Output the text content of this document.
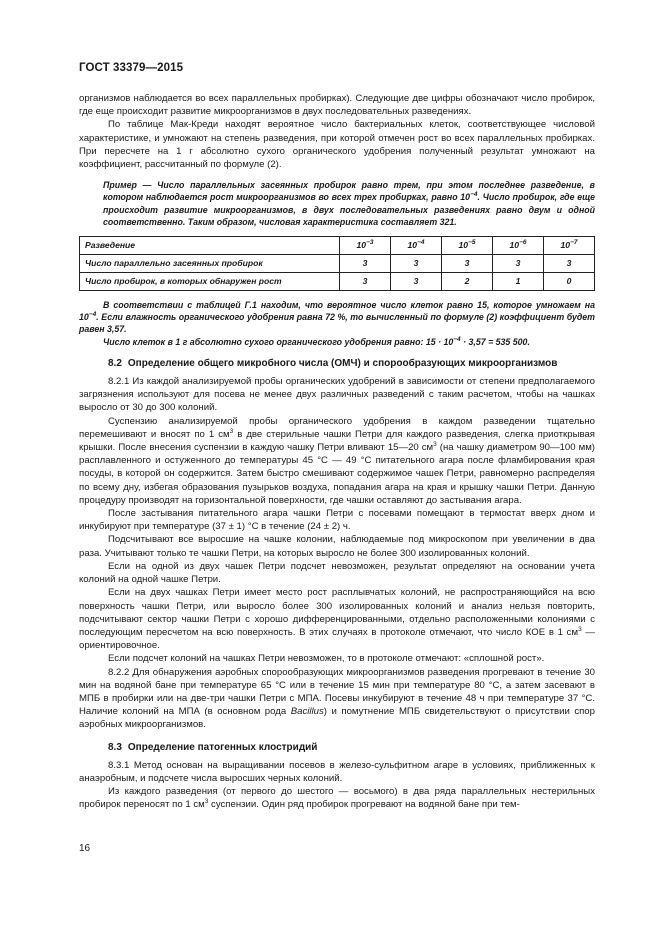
ГОСТ 33379—2015

организмов наблюдается во всех параллельных пробирках). Следующие две цифры обозначают число пробирок, где еще происходит развитие микроорганизмов в двух последовательных разведениях.

По таблице Мак-Креди находят вероятное число бактериальных клеток, соответствующее числовой характеристике, и умножают на степень разведения, при которой отмечен рост во всех параллельных пробирках. При пересчете на 1 г абсолютно сухого органического удобрения полученный результат умножают на коэффициент, рассчитанный по формуле (2).

Пример — Число параллельных засеянных пробирок равно трем, при этом последнее разведение, в котором наблюдается рост микроорганизмов во всех трех пробирках, равно $10^{-4}$. Число пробирок, где еще происходит развитие микроорганизмов, в двух последовательных разведениях равно двум и одной соответственно. Таким образом, числовая характеристика составляет 321.

Разведение	$10^{-3}$	$10^{-4}$	$10^{-5}$	$10^{-6}$	$10^{-7}$
Число параллельно засеянных пробирок	3	3	3	3	3
Число пробирок, в которых обнаружен рост	3	3	2	1	0

В соответствии с таблицей Г.1 находим, что вероятное число клеток равно 15, которое умножаем на $10^{-4}$. Если влажность органического удобрения равна 72 %, то вычисленный по формуле (2) коэффициент будет равен 3,57.

Число клеток в 1 г абсолютно сухого органического удобрения равно: $15 \cdot 10^{-4} \cdot 3,57 = 535$ 500.

8.2 Определение общего микробного числа (ОМЧ) и спорообразующих микроорганизмов

8.2.1 Из каждой анализируемой пробы органических удобрений в зависимости от степени предполагаемого загрязнения используют для посева не менее двух различных разведений с таким расчетом, чтобы на чашках выросло от 30 до 300 колоний.

Суспензию анализируемой пробы органического удобрения в каждом разведении тщательно перемешивают и вносят по 1 $см^3$ в две стерильные чашки Петри для каждого разведения, слегка приоткрывая крышки. После внесения суспензии в каждую чашку Петри вливают 15—20 $см^3$ (на чашку диаметром 90—100 мм) расплавленного и остуженного до температуры 45 °С — 49 °С питательного агара после фламбирования края посуды, в которой он содержится. Затем быстро смешивают содержимое чашек Петри, равномерно распределяя по всему дну, избегая образования пузырьков воздуха, попадания агара на края и крышку чашки Петри. Данную процедуру производят на горизонтальной поверхности, где чашки оставляют до застывания агара.

После застывания питательного агара чашки Петри с посевами помещают в термостат вверх дном и инкубируют при температуре (37 ± 1) °С в течение (24 ± 2) ч.

Подсчитывают все выросшие на чашке колонии, наблюдаемые под микроскопом при увеличении в два раза. Учитывают только те чашки Петри, на которых выросло не более 300 изолированных колоний.

Если на одной из двух чашек Петри подсчет невозможен, результат определяют на основании учета колоний на одной чашке Петри.

Если на двух чашках Петри имеет место рост расплывчатых колоний, не распространяющийся на всю поверхность чашки Петри, или выросло более 300 изолированных колоний и анализ нельзя повторить, подсчитывают сектор чашки Петри с хорошо дифференцированными, отдельно расположенными колониями с последующим пересчетом на всю поверхность. В этих случаях в протоколе отмечают, что число КОЕ в 1 $см^3$ — ориентировочное.

Если подсчет колоний на чашках Петри невозможен, то в протоколе отмечают: «сплошной рост».

8.2.2 Для обнаружения аэробных спорообразующих микроорганизмов разведения прогревают в течение 30 мин на водяной бане при температуре 65 °С или в течение 15 мин при температуре 80 °С, а затем засевают в МПБ в пробирки или на две-три чашки Петри с МПА. Посевы инкубируют в течение 48 ч при температуре 37 °С. Наличие колоний на МПА (в основном рода Bacillus) и помутнение МПБ свидетельствуют о присутствии спор аэробных микроорганизмов.

8.3 Определение патогенных клостридий

8.3.1 Метод основан на выращивании посевов в железо-сульфитном агаре в условиях, приближенных к анаэробным, и подсчете числа выросших черных колоний.

Из каждого разведения (от первого до шестого — восьмого) в два ряда параллельных нестерильных пробирок переносят по 1 $см^3$ суспензии. Один ряд пробирок прогревают на водяной бане при тем-

16
